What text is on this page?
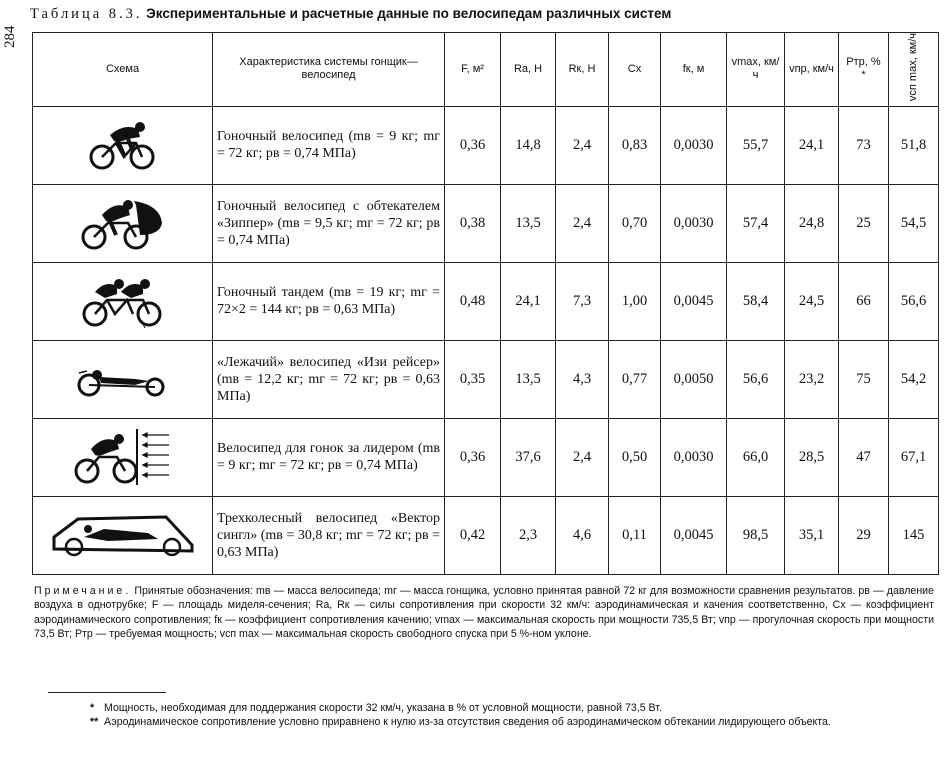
284
Таблица 8.3. Экспериментальные и расчетные данные по велосипедам различных систем
Схема	Характеристика системы гонщик—велосипед	F, м²	Rа, Н	Rк, Н	Cx	fк, м	vmax, км/ч	vпр, км/ч	Pтр, % *	vсп max, км/ч

	Гоночный велосипед (mв = 9 кг; mг = 72 кг; pв = 0,74 МПа)	0,36	14,8	2,4	0,83	0,0030	55,7	24,1	73	51,8

	Гоночный велосипед с обтекателем «Зиппер» (mв = 9,5 кг; mг = 72 кг; pв = 0,74 МПа)	0,38	13,5	2,4	0,70	0,0030	57,4	24,8	25	54,5

	Гоночный тандем (mв = 19 кг; mг = 72×2 = 144 кг; pв = 0,63 МПа)	0,48	24,1	7,3	1,00	0,0045	58,4	24,5	66	56,6

	«Лежачий» велосипед «Изи рейсер» (mв = 12,2 кг; mг = 72 кг; pв = 0,63 МПа)	0,35	13,5	4,3	0,77	0,0050	56,6	23,2	75	54,2

	Велосипед для гонок за лидером (mв = 9 кг; mг = 72 кг; pв = 0,74 МПа)	0,36	37,6	2,4	0,50	0,0030	66,0	28,5	47	67,1

	Трехколесный велосипед «Вектор сингл» (mв = 30,8 кг; mг = 72 кг; pв = 0,63 МПа)	0,42	2,3	4,6	0,11	0,0045	98,5	35,1	29	145
Примечание. Принятые обозначения: mв — масса велосипеда; mг — масса гонщика, условно принятая равной 72 кг для возможности сравнения результатов. pв — давление воздуха в однотрубке; F — площадь миделя-сечения; Rа, Rк — силы сопротивления при скорости 32 км/ч: аэродинамическая и качения соответственно, Cx — коэффициент аэродинамического сопротивления; fк — коэффициент сопротивления качению; vmax — максимальная скорость при мощности 735,5 Вт; vпр — прогулочная скорость при мощности 73,5 Вт; Pтр — требуемая мощность; vсп max — максимальная скорость свободного спуска при 5 %-ном уклоне.
* Мощность, необходимая для поддержания скорости 32 км/ч, указана в % от условной мощности, равной 73,5 Вт.
** Аэродинамическое сопротивление условно приравнено к нулю из-за отсутствия сведения об аэродинамическом обтекании лидирующего объекта.
